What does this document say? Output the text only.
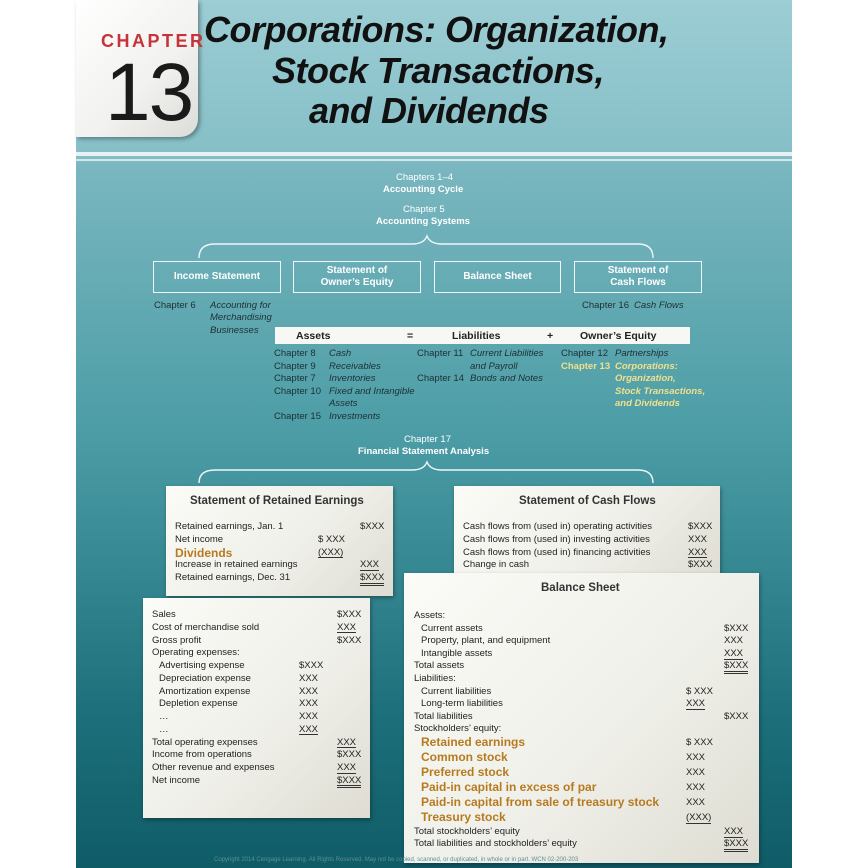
CHAPTER
13
Corporations: Organization,
Stock Transactions,
and Dividends
Chapters 1–4
Accounting Cycle
Chapter 5
Accounting Systems
Income Statement
Statement of
Owner’s Equity
Balance Sheet
Statement of
Cash Flows
Chapter 6 Accounting for
Merchandising
Businesses
Chapter 16 Cash Flows
Assets	=	Liabilities	+	Owner’s Equity
Chapter 17
Financial Statement Analysis
Statement of Retained Earnings	Statement of Cash Flows
Balance Sheet
Copyright 2014 Cengage Learning. All Rights Reserved. May not be copied, scanned, or duplicated, in whole or in part. WCN 02-200-203
Chapter 8 Cash
Chapter 9 Receivables
Chapter 7 Inventories
Chapter 10 Fixed and Intangible
Assets
Chapter 15 Investments
Chapter 11 Current Liabilities
and Payroll
Chapter 14 Bonds and Notes
Chapter 12 Partnerships
Chapter 13 Corporations:
Organization,
Stock Transactions,
and Dividends
Retained earnings, Jan. 1	$XXX
Net income	$ XXX
Dividends	(XXX)
Increase in retained earnings	XXX
Retained earnings, Dec. 31	$XXX
Cash flows from (used in) operating activities	$XXX
Cash flows from (used in) investing activities	XXX
Cash flows from (used in) financing activities	XXX
Change in cash	$XXX
Sales	$XXX
Cost of merchandise sold	XXX
Gross profit	$XXX
Operating expenses:
Advertising expense	$XXX
Depreciation expense	XXX
Amortization expense	XXX
Depletion expense	XXX
…	XXX
…	XXX
Total operating expenses	XXX
Income from operations	$XXX
Other revenue and expenses	XXX
Net income	$XXX
Assets:
Current assets	$XXX
Property, plant, and equipment	XXX
Intangible assets	XXX
Total assets	$XXX
Liabilities:
Current liabilities	$ XXX
Long-term liabilities	XXX
Total liabilities	$XXX
Stockholders’ equity:
Retained earnings	$ XXX
Common stock	XXX
Preferred stock	XXX
Paid-in capital in excess of par	XXX
Paid-in capital from sale of treasury stock	XXX
Treasury stock	(XXX)
Total stockholders’ equity	XXX
Total liabilities and stockholders’ equity	$XXX
